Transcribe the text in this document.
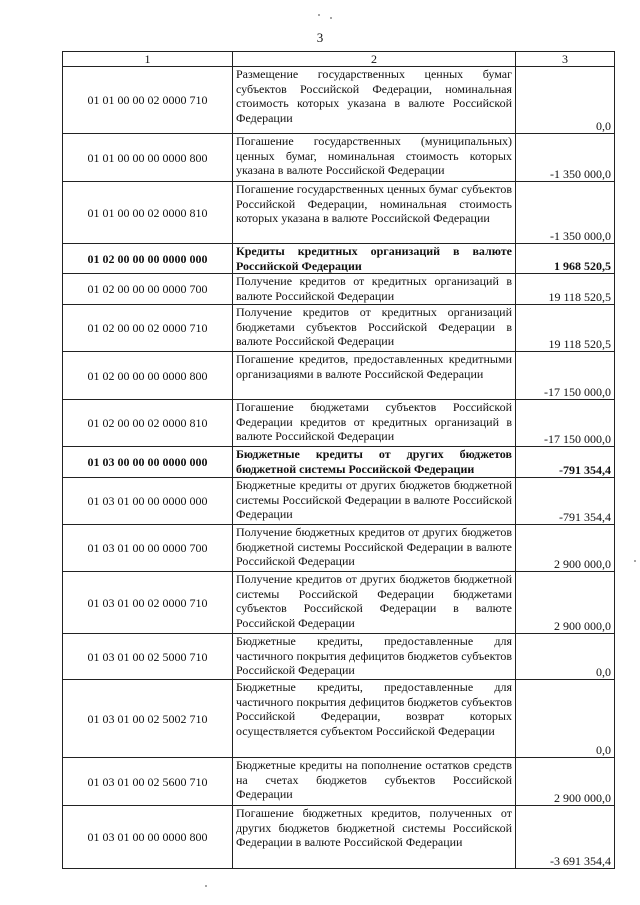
3
1	2	3
01 01 00 00 02 0000 710	Размещение государственных ценных бумаг субъектов Российской Федерации, номинальная стоимость которых указана в валюте Российской Федерации	0,0
01 01 00 00 00 0000 800	Погашение государственных (муниципальных) ценных бумаг, номинальная стоимость которых указана в валюте Российской Федерации	-1 350 000,0
01 01 00 00 02 0000 810	Погашение государственных ценных бумаг субъектов Российской Федерации, номинальная стоимость которых указана в валюте Российской Федерации	-1 350 000,0
01 02 00 00 00 0000 000	Кредиты кредитных организаций в валюте Российской Федерации	1 968 520,5
01 02 00 00 00 0000 700	Получение кредитов от кредитных организаций в валюте Российской Федерации	19 118 520,5
01 02 00 00 02 0000 710	Получение кредитов от кредитных организаций бюджетами субъектов Российской Федерации в валюте Российской Федерации	19 118 520,5
01 02 00 00 00 0000 800	Погашение кредитов, предоставленных кредитными организациями в валюте Российской Федерации	-17 150 000,0
01 02 00 00 02 0000 810	Погашение бюджетами субъектов Российской Федерации кредитов от кредитных организаций в валюте Российской Федерации	-17 150 000,0
01 03 00 00 00 0000 000	Бюджетные кредиты от других бюджетов бюджетной системы Российской Федерации	-791 354,4
01 03 01 00 00 0000 000	Бюджетные кредиты от других бюджетов бюджетной системы Российской Федерации в валюте Российской Федерации	-791 354,4
01 03 01 00 00 0000 700	Получение бюджетных кредитов от других бюджетов бюджетной системы Российской Федерации в валюте Российской Федерации	2 900 000,0
01 03 01 00 02 0000 710	Получение кредитов от других бюджетов бюджетной системы Российской Федерации бюджетами субъектов Российской Федерации в валюте Российской Федерации	2 900 000,0
01 03 01 00 02 5000 710	Бюджетные кредиты, предоставленные для частичного покрытия дефицитов бюджетов субъектов Российской Федерации	0,0
01 03 01 00 02 5002 710	Бюджетные кредиты, предоставленные для частичного покрытия дефицитов бюджетов субъектов Российской Федерации, возврат которых осуществляется субъектом Российской Федерации	0,0
01 03 01 00 02 5600 710	Бюджетные кредиты на пополнение остатков средств на счетах бюджетов субъектов Российской Федерации	2 900 000,0
01 03 01 00 00 0000 800	Погашение бюджетных кредитов, полученных от других бюджетов бюджетной системы Российской Федерации в валюте Российской Федерации	-3 691 354,4
